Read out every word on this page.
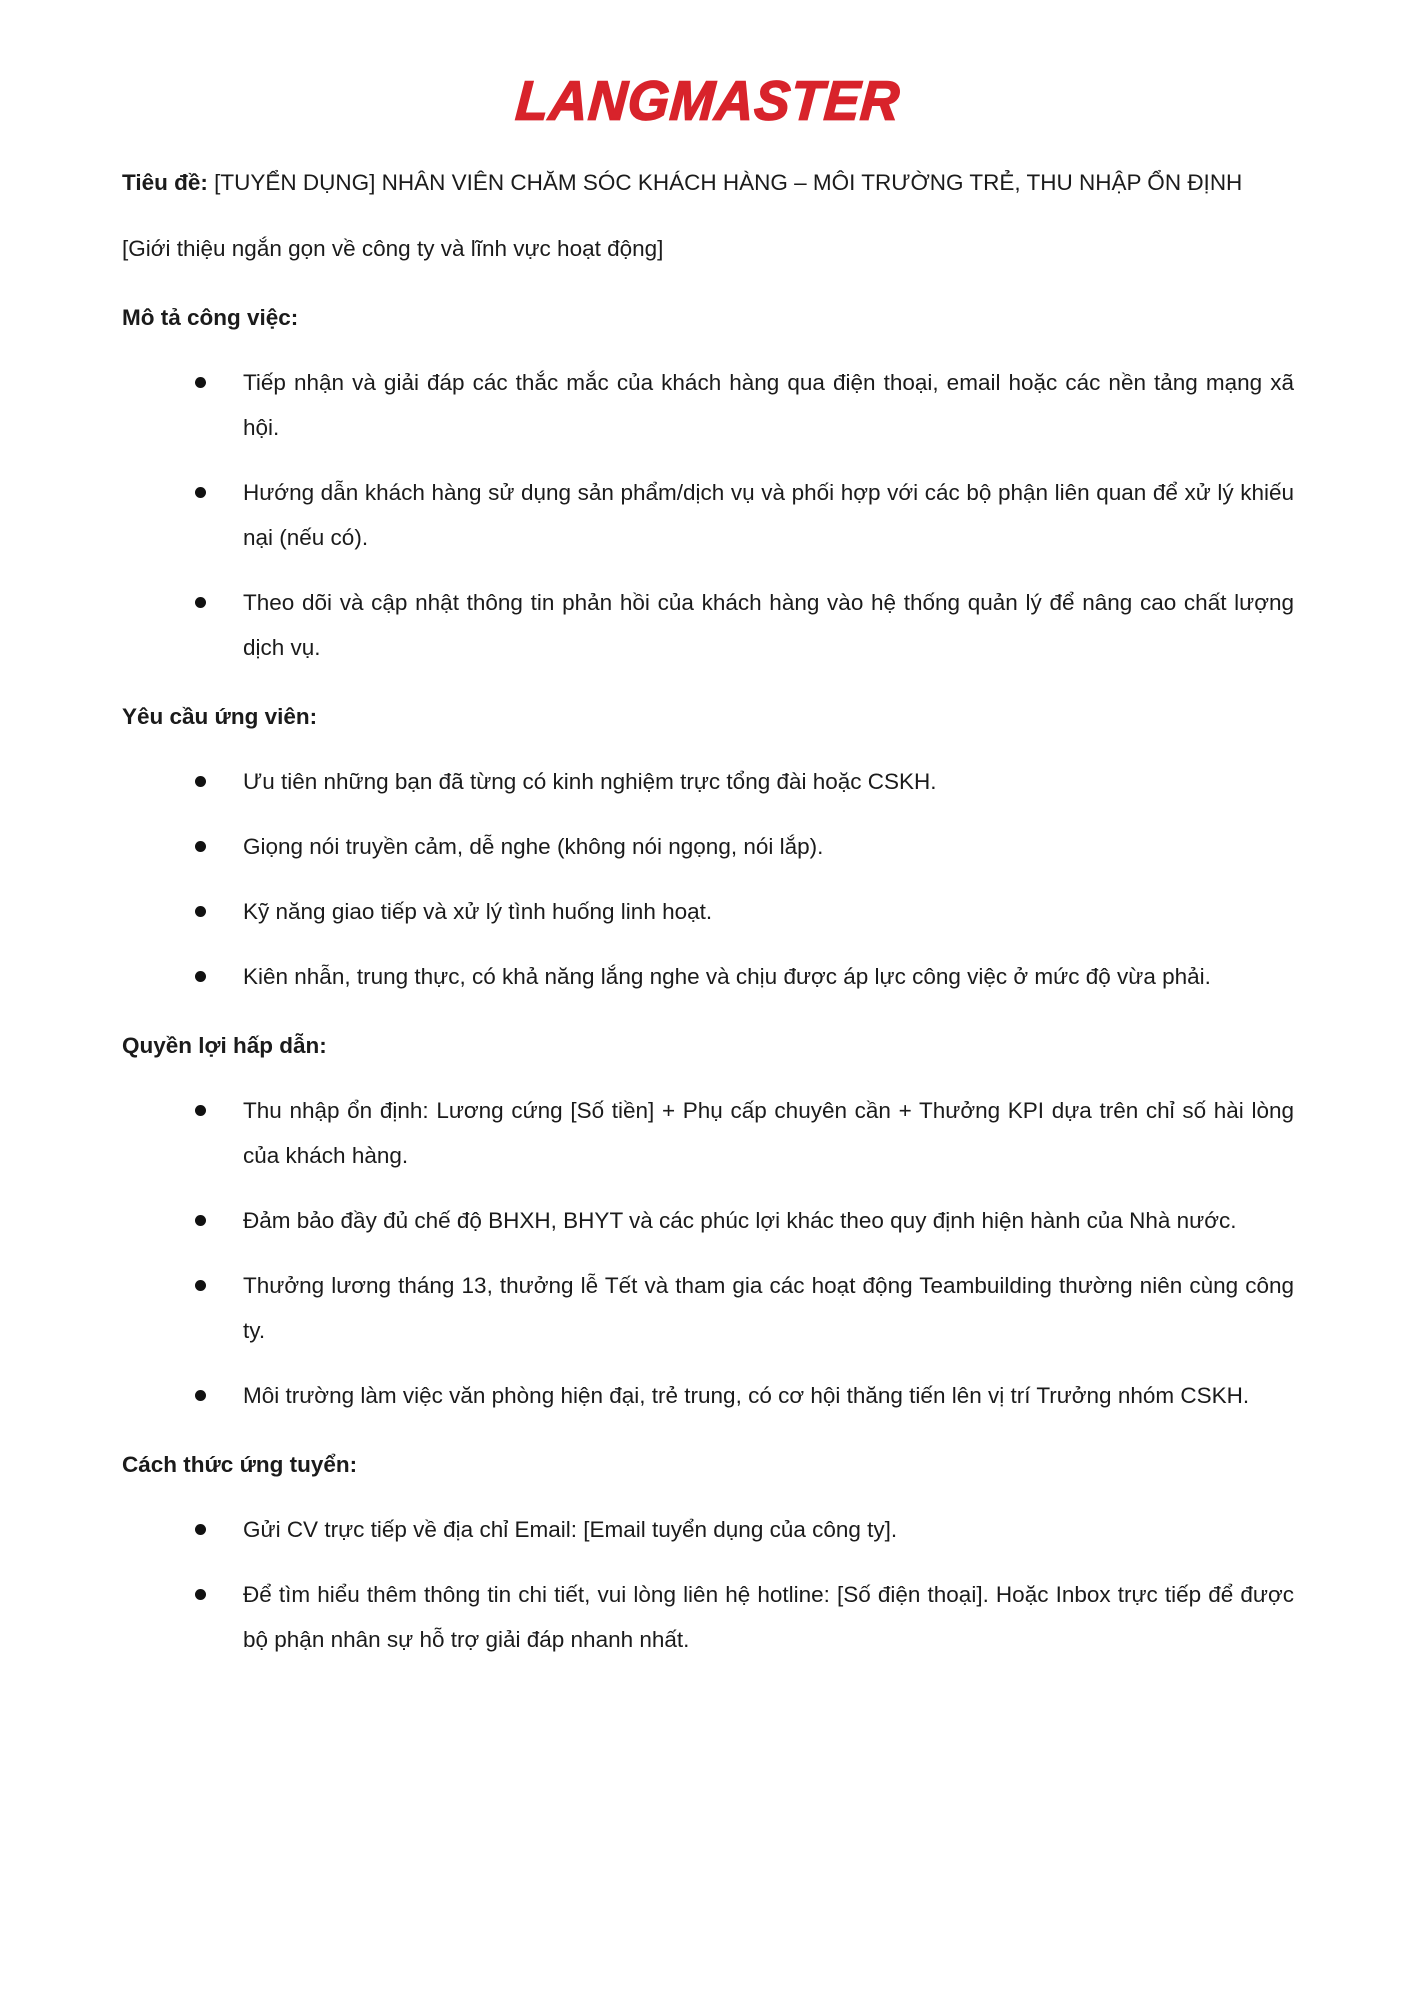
LANGMASTER

Tiêu đề: [TUYỂN DỤNG] NHÂN VIÊN CHĂM SÓC KHÁCH HÀNG – MÔI TRƯỜNG TRẺ, THU NHẬP ỔN ĐỊNH

[Giới thiệu ngắn gọn về công ty và lĩnh vực hoạt động]

Mô tả công việc:
Tiếp nhận và giải đáp các thắc mắc của khách hàng qua điện thoại, email hoặc các nền tảng mạng xã hội.
Hướng dẫn khách hàng sử dụng sản phẩm/dịch vụ và phối hợp với các bộ phận liên quan để xử lý khiếu nại (nếu có).
Theo dõi và cập nhật thông tin phản hồi của khách hàng vào hệ thống quản lý để nâng cao chất lượng dịch vụ.
Yêu cầu ứng viên:
Ưu tiên những bạn đã từng có kinh nghiệm trực tổng đài hoặc CSKH.
Giọng nói truyền cảm, dễ nghe (không nói ngọng, nói lắp).
Kỹ năng giao tiếp và xử lý tình huống linh hoạt.
Kiên nhẫn, trung thực, có khả năng lắng nghe và chịu được áp lực công việc ở mức độ vừa phải.
Quyền lợi hấp dẫn:
Thu nhập ổn định: Lương cứng [Số tiền] + Phụ cấp chuyên cần + Thưởng KPI dựa trên chỉ số hài lòng của khách hàng.
Đảm bảo đầy đủ chế độ BHXH, BHYT và các phúc lợi khác theo quy định hiện hành của Nhà nước.
Thưởng lương tháng 13, thưởng lễ Tết và tham gia các hoạt động Teambuilding thường niên cùng công ty.
Môi trường làm việc văn phòng hiện đại, trẻ trung, có cơ hội thăng tiến lên vị trí Trưởng nhóm CSKH.
Cách thức ứng tuyển:
Gửi CV trực tiếp về địa chỉ Email: [Email tuyển dụng của công ty].
Để tìm hiểu thêm thông tin chi tiết, vui lòng liên hệ hotline: [Số điện thoại]. Hoặc Inbox trực tiếp để được bộ phận nhân sự hỗ trợ giải đáp nhanh nhất.
